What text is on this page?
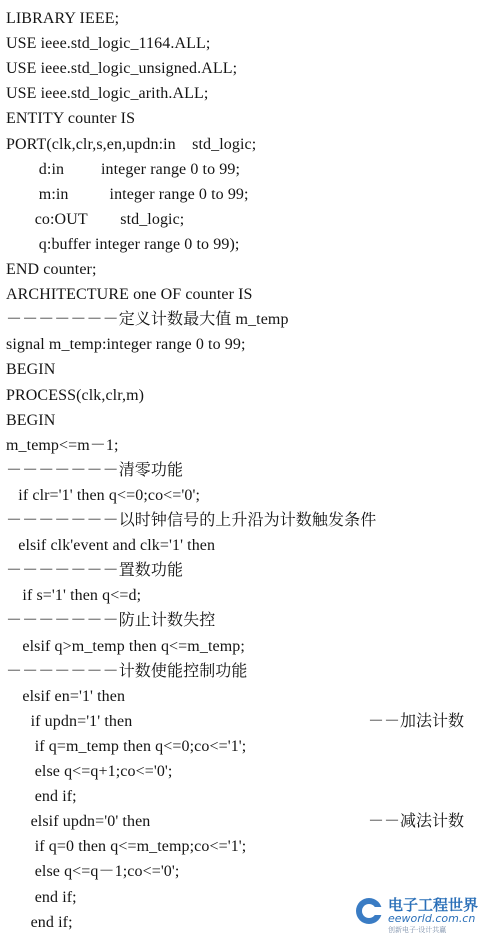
LIBRARY IEEE;
USE ieee.std_logic_1164.ALL;
USE ieee.std_logic_unsigned.ALL;
USE ieee.std_logic_arith.ALL;
ENTITY counter IS
PORT(clk,clr,s,en,updn:in    std_logic;
d:in         integer range 0 to 99;
m:in          integer range 0 to 99;
co:OUT        std_logic;
q:buffer integer range 0 to 99);
END counter;
ARCHITECTURE one OF counter IS
－－－－－－－定义计数最大值 m_temp
signal m_temp:integer range 0 to 99;
BEGIN
PROCESS(clk,clr,m)
BEGIN
m_temp<=m－1;
－－－－－－－清零功能
if clr='1' then q<=0;co<='0';
－－－－－－－以时钟信号的上升沿为计数触发条件
elsif clk'event and clk='1' then
－－－－－－－置数功能
if s='1' then q<=d;
－－－－－－－防止计数失控
elsif q>m_temp then q<=m_temp;
－－－－－－－计数使能控制功能
elsif en='1' then
if updn='1' then
if q=m_temp then q<=0;co<='1';
else q<=q+1;co<='0';
end if;
elsif updn='0' then
if q=0 then q<=m_temp;co<='1';
else q<=q－1;co<='0';
end if;
end if;
－－加法计数
－－减法计数
电子工程世界
eeworld.com.cn
创新电子·设计共赢
